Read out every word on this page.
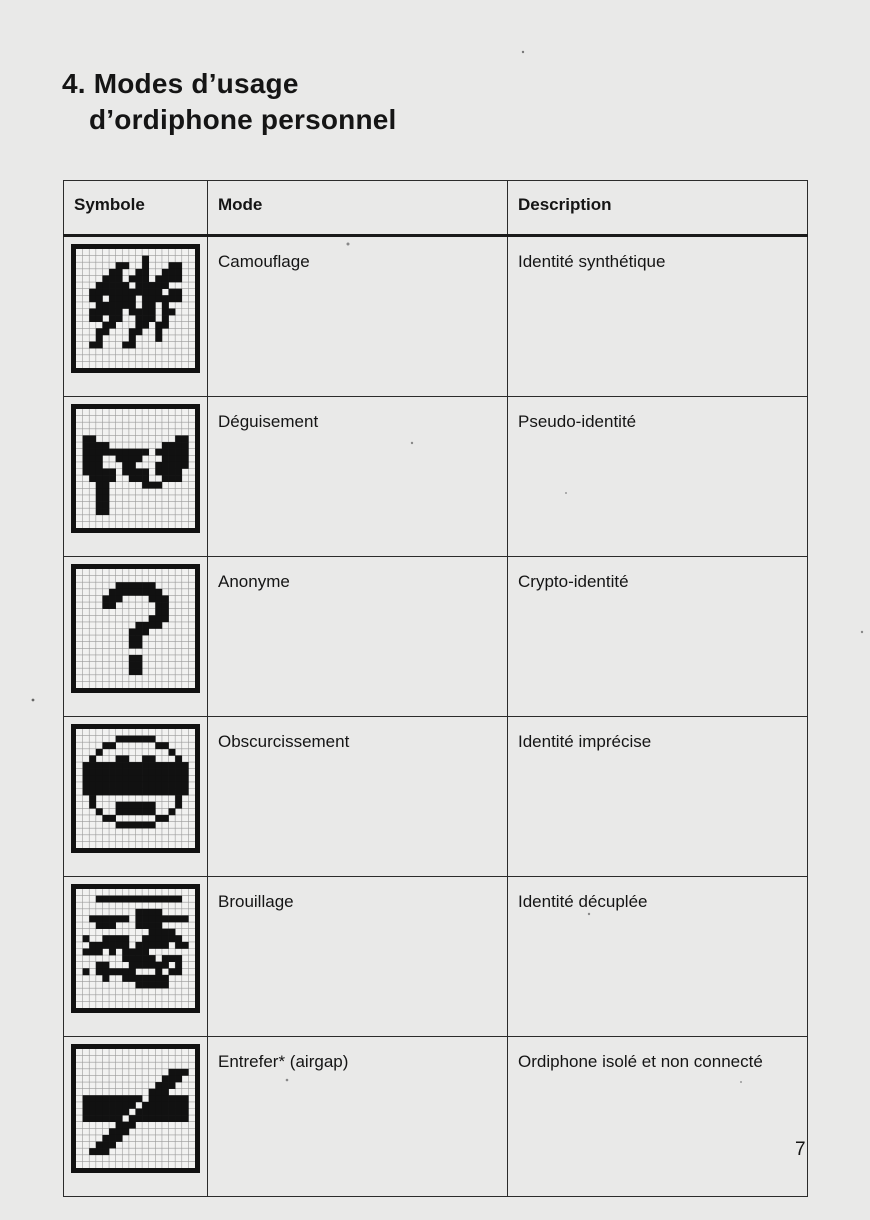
4. Modes d’usage
d’ordiphone personnel
Symbole	Mode	Description

	Camouflage	Identité synthétique

	Déguisement	Pseudo-identité

	Anonyme	Crypto-identité

	Obscurcissement	Identité imprécise

	Brouillage	Identité décuplée

	Entrefer* (airgap)	Ordiphone isolé et non connecté
7
